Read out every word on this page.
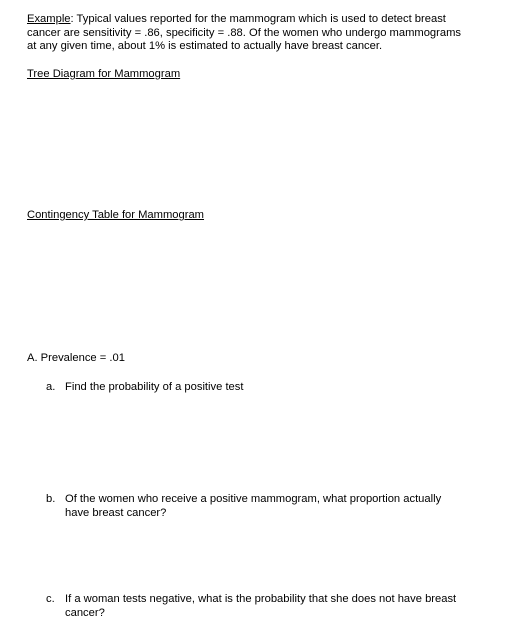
Example: Typical values reported for the mammogram which is used to detect breast
cancer are sensitivity = .86, specificity = .88. Of the women who undergo mammograms
at any given time, about 1% is estimated to actually have breast cancer.
Tree Diagram for Mammogram
Contingency Table for Mammogram
A. Prevalence = .01
a. Find the probability of a positive test
b. Of the women who receive a positive mammogram, what proportion actually
have breast cancer?
c. If a woman tests negative, what is the probability that she does not have breast
cancer?
